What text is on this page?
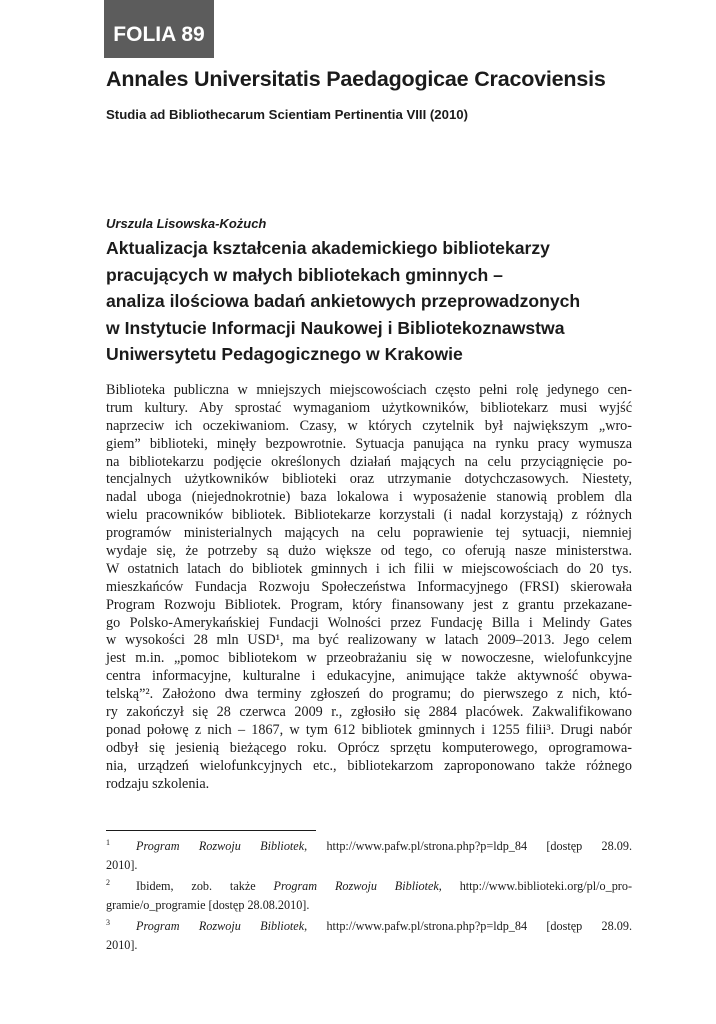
FOLIA 89
Annales Universitatis Paedagogicae Cracoviensis
Studia ad Bibliothecarum Scientiam Pertinentia VIII (2010)
Urszula Lisowska-Kożuch
Aktualizacja kształcenia akademickiego bibliotekarzy
pracujących w małych bibliotekach gminnych –
analiza ilościowa badań ankietowych przeprowadzonych
w Instytucie Informacji Naukowej i Bibliotekoznawstwa
Uniwersytetu Pedagogicznego w Krakowie
Biblioteka publiczna w mniejszych miejscowościach często pełni rolę jedynego cen-
trum kultury. Aby sprostać wymaganiom użytkowników, bibliotekarz musi wyjść
naprzeciw ich oczekiwaniom. Czasy, w których czytelnik był największym „wro-
giem” biblioteki, minęły bezpowrotnie. Sytuacja panująca na rynku pracy wymusza
na bibliotekarzu podjęcie określonych działań mających na celu przyciągnięcie po-
tencjalnych użytkowników biblioteki oraz utrzymanie dotychczasowych. Niestety,
nadal uboga (niejednokrotnie) baza lokalowa i wyposażenie stanowią problem dla
wielu pracowników bibliotek. Bibliotekarze korzystali (i nadal korzystają) z różnych
programów ministerialnych mających na celu poprawienie tej sytuacji, niemniej
wydaje się, że potrzeby są dużo większe od tego, co oferują nasze ministerstwa.
W ostatnich latach do bibliotek gminnych i ich filii w miejscowościach do 20 tys.
mieszkańców Fundacja Rozwoju Społeczeństwa Informacyjnego (FRSI) skierowała
Program Rozwoju Bibliotek. Program, który finansowany jest z grantu przekazane-
go Polsko-Amerykańskiej Fundacji Wolności przez Fundację Billa i Melindy Gates
w wysokości 28 mln USD¹, ma być realizowany w latach 2009–2013. Jego celem
jest m.in. „pomoc bibliotekom w przeobrażaniu się w nowoczesne, wielofunkcyjne
centra informacyjne, kulturalne i edukacyjne, animujące także aktywność obywa-
telską”². Założono dwa terminy zgłoszeń do programu; do pierwszego z nich, któ-
ry zakończył się 28 czerwca 2009 r., zgłosiło się 2884 placówek. Zakwalifikowano
ponad połowę z nich – 1867, w tym 612 bibliotek gminnych i 1255 filii³. Drugi nabór
odbył się jesienią bieżącego roku. Oprócz sprzętu komputerowego, oprogramowa-
nia, urządzeń wielofunkcyjnych etc., bibliotekarzom zaproponowano także różnego
rodzaju szkolenia.
$^1$ Program Rozwoju Bibliotek, http://www.pafw.pl/strona.php?p=ldp_84 [dostęp 28.09.
2010].
$^2$ Ibidem, zob. także Program Rozwoju Bibliotek, http://www.biblioteki.org/pl/o_pro-
gramie/o_programie [dostęp 28.08.2010].
$^3$ Program Rozwoju Bibliotek, http://www.pafw.pl/strona.php?p=ldp_84 [dostęp 28.09.
2010].
